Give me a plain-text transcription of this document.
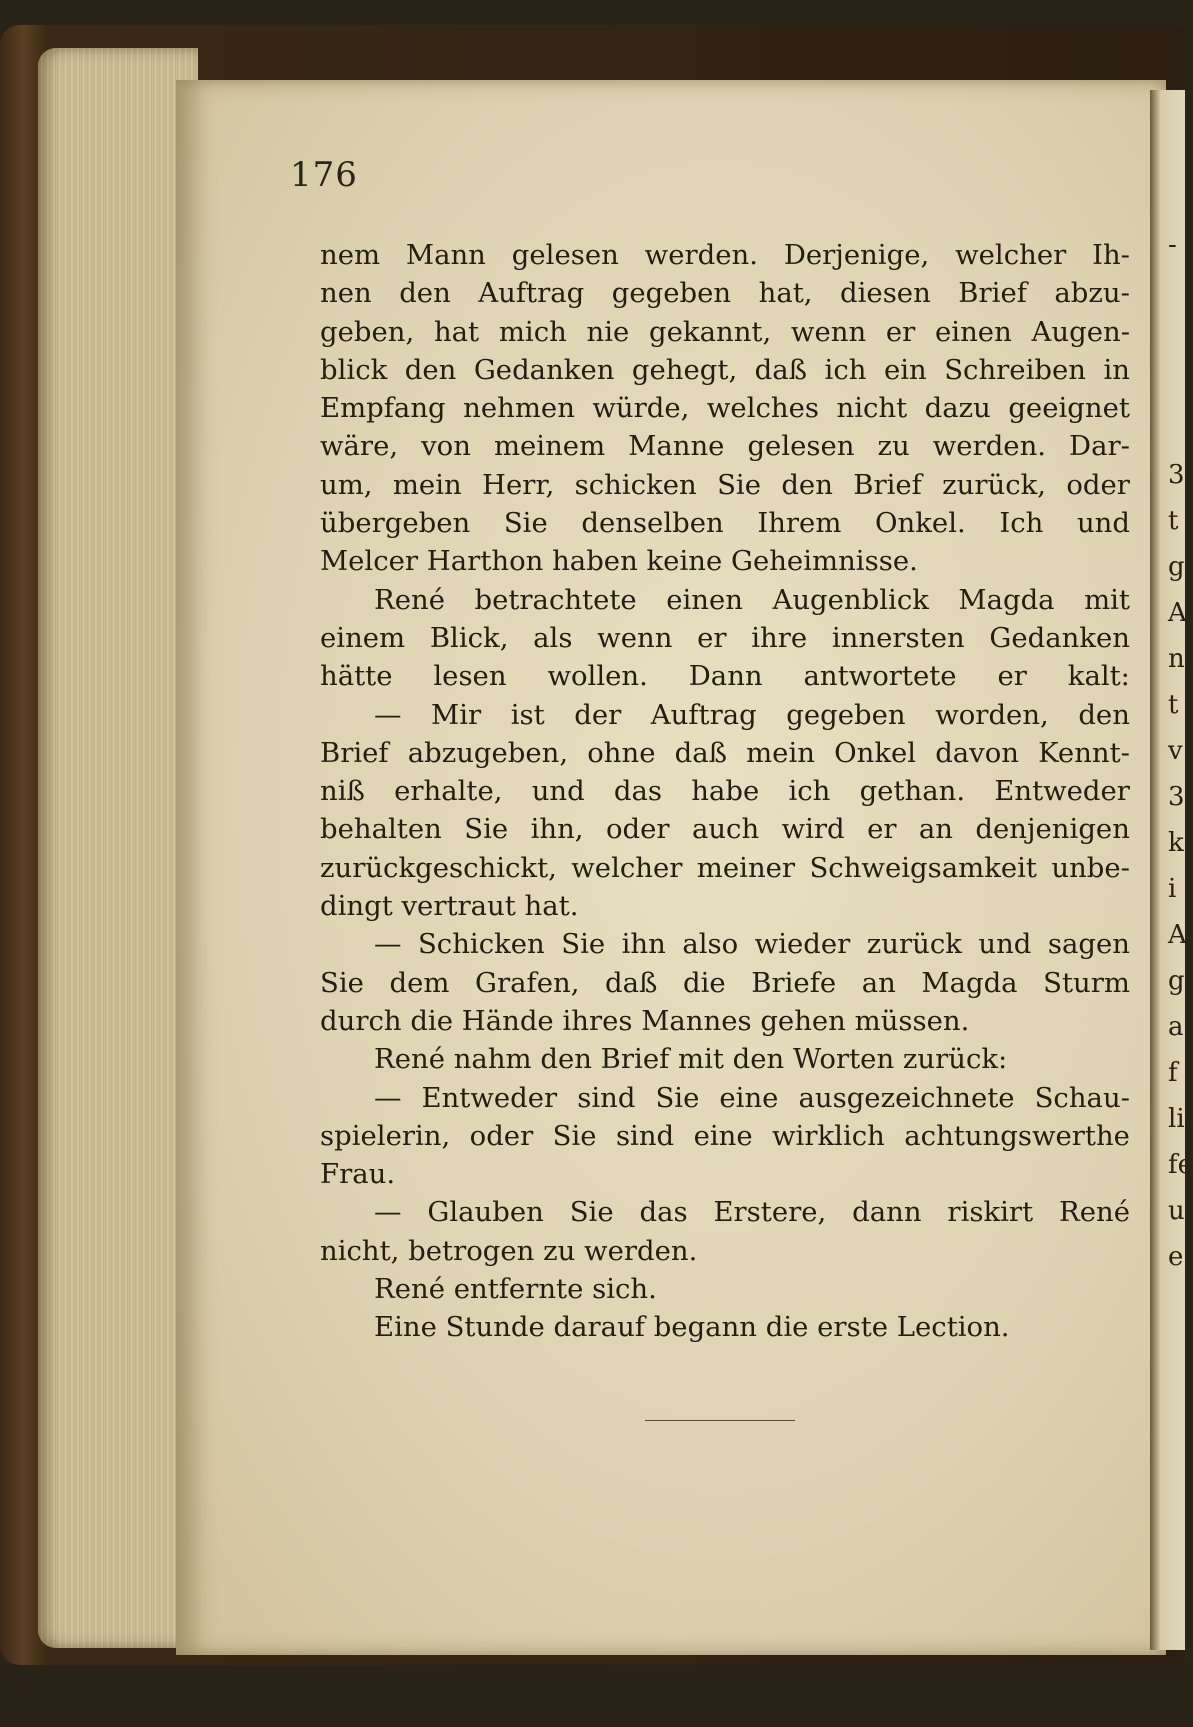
-
3
t
g
A
n
t
v
3
k
i
A
g
a
f
li
fe
u
e
176
nem Mann gelesen werden. Derjenige, welcher Ih-
nen den Auftrag gegeben hat, diesen Brief abzu-
geben, hat mich nie gekannt, wenn er einen Augen-
blick den Gedanken gehegt, daß ich ein Schreiben in
Empfang nehmen würde, welches nicht dazu geeignet
wäre, von meinem Manne gelesen zu werden. Dar-
um, mein Herr, schicken Sie den Brief zurück, oder
übergeben Sie denselben Ihrem Onkel. Ich und
Melcer Harthon haben keine Geheimnisse.
René betrachtete einen Augenblick Magda mit
einem Blick, als wenn er ihre innersten Gedanken
hätte lesen wollen. Dann antwortete er kalt:
— Mir ist der Auftrag gegeben worden, den
Brief abzugeben, ohne daß mein Onkel davon Kennt-
niß erhalte, und das habe ich gethan. Entweder
behalten Sie ihn, oder auch wird er an denjenigen
zurückgeschickt, welcher meiner Schweigsamkeit unbe-
dingt vertraut hat.
— Schicken Sie ihn also wieder zurück und sagen
Sie dem Grafen, daß die Briefe an Magda Sturm
durch die Hände ihres Mannes gehen müssen.
René nahm den Brief mit den Worten zurück:
— Entweder sind Sie eine ausgezeichnete Schau-
spielerin, oder Sie sind eine wirklich achtungswerthe
Frau.
— Glauben Sie das Erstere, dann riskirt René
nicht, betrogen zu werden.
René entfernte sich.
Eine Stunde darauf begann die erste Lection.
